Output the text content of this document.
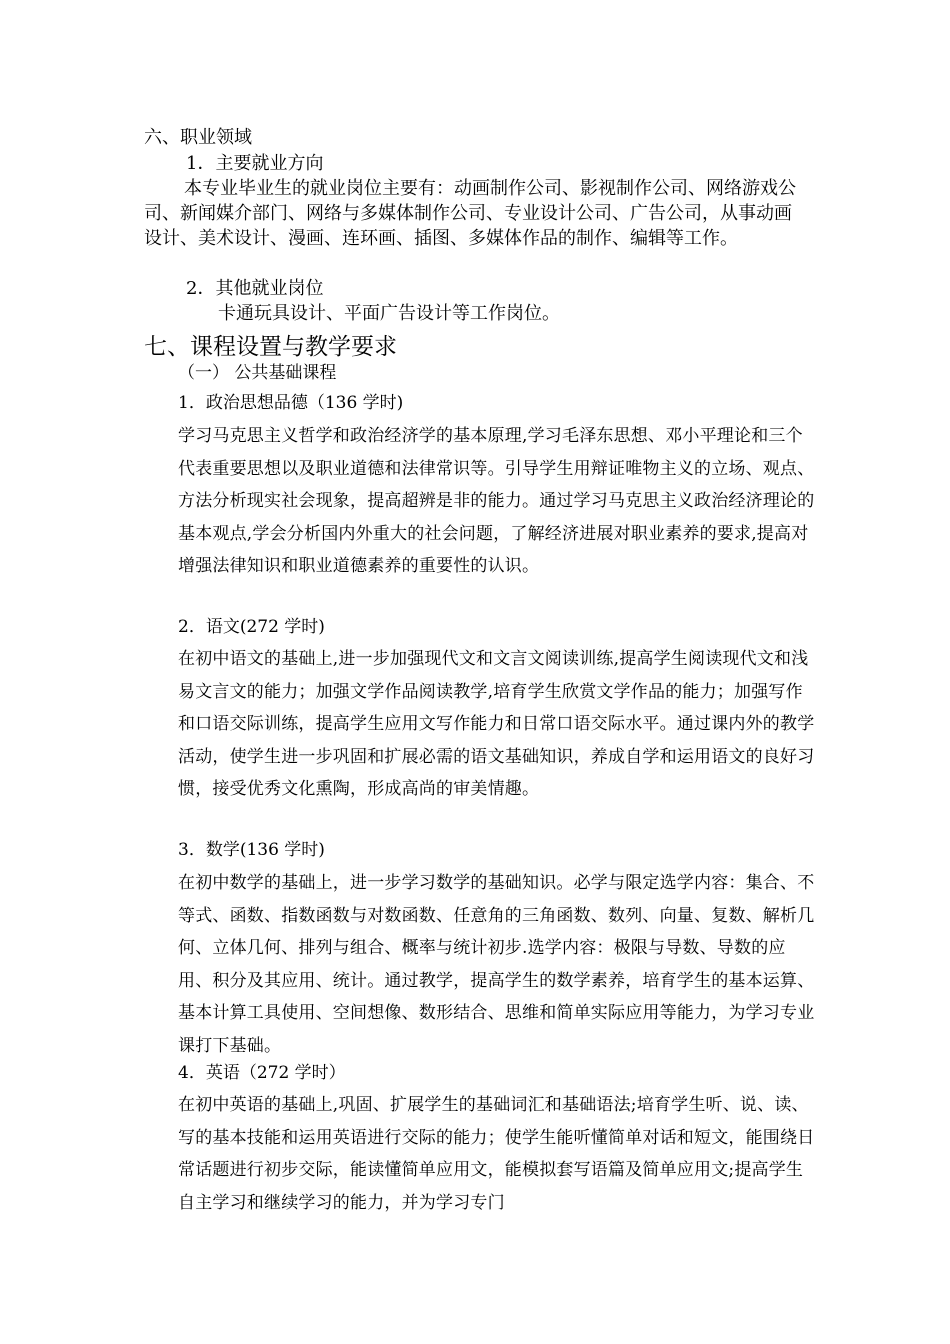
六、职业领域
1．主要就业方向
本专业毕业生的就业岗位主要有：动画制作公司、影视制作公司、网络游戏公司、新闻媒介部门、网络与多媒体制作公司、专业设计公司、广告公司，从事动画设计、美术设计、漫画、连环画、插图、多媒体作品的制作、编辑等工作。
2．其他就业岗位
卡通玩具设计、平面广告设计等工作岗位。
七、课程设置与教学要求
（一） 公共基础课程
1．政治思想品德（136 学时)
学习马克思主义哲学和政治经济学的基本原理,学习毛泽东思想、邓小平理论和三个代表重要思想以及职业道德和法律常识等。引导学生用辩证唯物主义的立场、观点、方法分析现实社会现象，提高超辨是非的能力。通过学习马克思主义政治经济理论的基本观点,学会分析国内外重大的社会问题，了解经济进展对职业素养的要求,提高对增强法律知识和职业道德素养的重要性的认识。
2．语文(272 学时)
在初中语文的基础上,进一步加强现代文和文言文阅读训练,提高学生阅读现代文和浅易文言文的能力；加强文学作品阅读教学,培育学生欣赏文学作品的能力；加强写作和口语交际训练，提高学生应用文写作能力和日常口语交际水平。通过课内外的教学活动，使学生进一步巩固和扩展必需的语文基础知识，养成自学和运用语文的良好习惯，接受优秀文化熏陶，形成高尚的审美情趣。
3．数学(136 学时)
在初中数学的基础上，进一步学习数学的基础知识。必学与限定选学内容：集合、不等式、函数、指数函数与对数函数、任意角的三角函数、数列、向量、复数、解析几何、立体几何、排列与组合、概率与统计初步.选学内容：极限与导数、导数的应用、积分及其应用、统计。通过教学，提高学生的数学素养，培育学生的基本运算、基本计算工具使用、空间想像、数形结合、思维和简单实际应用等能力，为学习专业课打下基础。
4．英语（272 学时）
在初中英语的基础上,巩固、扩展学生的基础词汇和基础语法;培育学生听、说、读、写的基本技能和运用英语进行交际的能力；使学生能听懂简单对话和短文，能围绕日常话题进行初步交际，能读懂简单应用文，能模拟套写语篇及简单应用文;提高学生自主学习和继续学习的能力，并为学习专门
